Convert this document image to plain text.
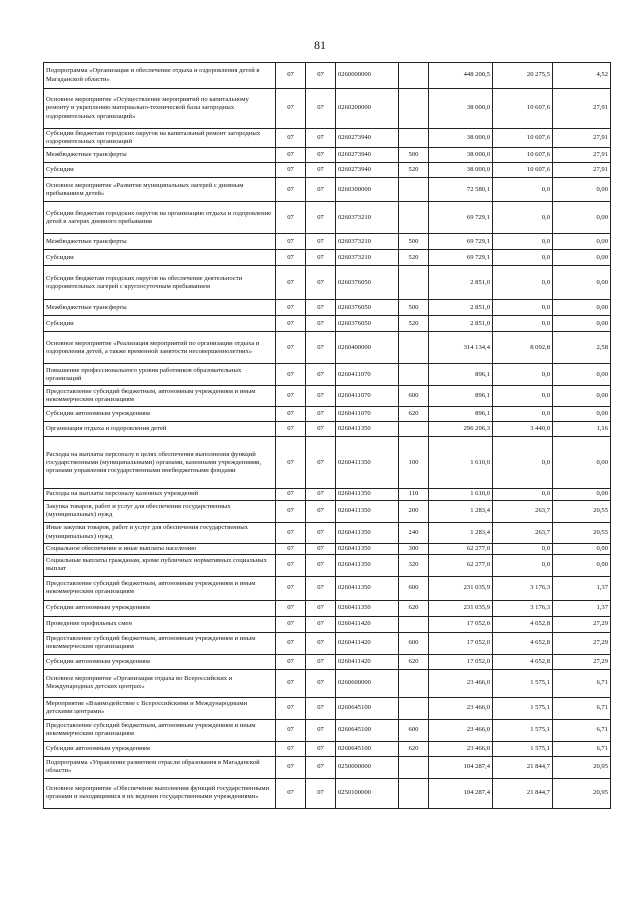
81
Подпрограмма «Организация и обеспечение отдыха и оздоровления детей в Магаданской области»	07	07	0260000000		448 200,5	20 275,5	4,52
Основное мероприятие «Осуществление мероприятий по капитальному ремонту и укреплению материально-технической базы загородных оздоровительных организаций»	07	07	0260200000		38 000,0	10 607,6	27,91
Субсидии бюджетам городских округов на капитальный ремонт загородных оздоровительных организаций	07	07	0260273940		38 000,0	10 607,6	27,91
Межбюджетные трансферты	07	07	0260273940	500	38 000,0	10 607,6	27,91
Субсидии	07	07	0260273940	520	38 000,0	10 607,6	27,91
Основное мероприятие «Развитие муниципальных лагерей с дневным пребыванием детей»	07	07	0260300000		72 580,1	0,0	0,00
Субсидии бюджетам городских округов на организацию отдыха и оздоровление детей в лагерях дневного пребывания	07	07	0260373210		69 729,1	0,0	0,00
Межбюджетные трансферты	07	07	0260373210	500	69 729,1	0,0	0,00
Субсидии	07	07	0260373210	520	69 729,1	0,0	0,00
Субсидии бюджетам городских округов на обеспечение деятельности оздоровительных лагерей с круглосуточным пребыванием	07	07	0260376050		2 851,0	0,0	0,00
Межбюджетные трансферты	07	07	0260376050	500	2 851,0	0,0	0,00
Субсидии	07	07	0260376050	520	2 851,0	0,0	0,00
Основное мероприятие «Реализация мероприятий по организации отдыха и оздоровления детей, а также временной занятости несовершеннолетних»	07	07	0260400000		314 134,4	8 092,8	2,58
Повышение профессионального уровня работников образовательных организаций	07	07	0260411070		896,1	0,0	0,00
Предоставление субсидий бюджетным, автономным учреждениям и иным некоммерческим организациям	07	07	0260411070	600	896,1	0,0	0,00
Субсидии автономным учреждениям	07	07	0260411070	620	896,1	0,0	0,00
Организация отдыха и оздоровления детей	07	07	0260411350		296 206,3	3 440,0	1,16
Расходы на выплаты персоналу в целях обеспечения выполнения функций государственными (муниципальными) органами, казенными учреждениями, органами управления государственными внебюджетными фондами	07	07	0260411350	100	1 610,0	0,0	0,00
Расходы на выплаты персоналу казенных учреждений	07	07	0260411350	110	1 610,0	0,0	0,00
Закупка товаров, работ и услуг для обеспечения государственных (муниципальных) нужд	07	07	0260411350	200	1 283,4	263,7	20,55
Иные закупки товаров, работ и услуг для обеспечения государственных (муниципальных) нужд	07	07	0260411350	240	1 283,4	263,7	20,55
Социальное обеспечение и иные выплаты населению	07	07	0260411350	300	62 277,0	0,0	0,00
Социальные выплаты гражданам, кроме публичных нормативных социальных выплат	07	07	0260411350	320	62 277,0	0,0	0,00
Предоставление субсидий бюджетным, автономным учреждениям и иным некоммерческим организациям	07	07	0260411350	600	231 035,9	3 176,3	1,37
Субсидии автономным учреждениям	07	07	0260411350	620	231 035,9	3 176,3	1,37
Проведение профильных смен	07	07	0260411420		17 052,0	4 652,8	27,29
Предоставление субсидий бюджетным, автономным учреждениям и иным некоммерческим организациям	07	07	0260411420	600	17 052,0	4 652,8	27,29
Субсидии автономным учреждениям	07	07	0260411420	620	17 052,0	4 652,8	27,29
Основное мероприятие «Организация отдыха во Всероссийских и Международных детских центрах»	07	07	0260600000		23 466,0	1 575,1	6,71
Мероприятие «Взаимодействие с Всероссийскими и Международными детскими центрами»	07	07	0260645100		23 466,0	1 575,1	6,71
Предоставление субсидий бюджетным, автономным учреждениям и иным некоммерческим организациям	07	07	0260645100	600	23 466,0	1 575,1	6,71
Субсидии автономным учреждениям	07	07	0260645100	620	23 466,0	1 575,1	6,71
Подпрограмма «Управление развитием отрасли образования в Магаданской области»	07	07	0250000000		104 287,4	21 844,7	20,95
Основное мероприятие «Обеспечение выполнения функций государственными органами и находящимися в их ведении государственными учреждениями»	07	07	0250100000		104 287,4	21 844,7	20,95
